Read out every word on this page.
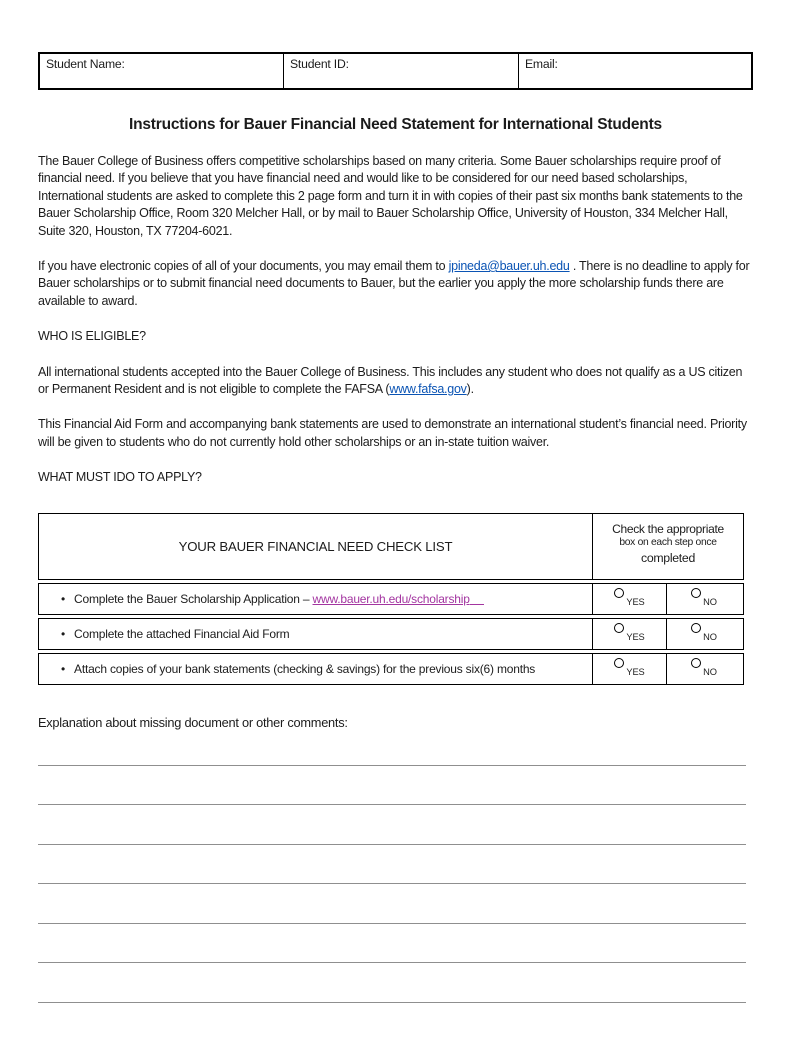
Student Name:	Student ID:	Email:
Instructions for Bauer Financial Need Statement for International Students

The Bauer College of Business offers competitive scholarships based on many criteria. Some Bauer scholarships require proof of financial need. If you believe that you have financial need and would like to be considered for our need based scholarships, International students are asked to complete this 2 page form and turn it in with copies of their past six months bank statements to the Bauer Scholarship Office, Room 320 Melcher Hall, or by mail to Bauer Scholarship Office, University of Houston, 334 Melcher Hall, Suite 320, Houston, TX 77204-6021.

If you have electronic copies of all of your documents, you may email them to jpineda@bauer.uh.edu . There is no deadline to apply for Bauer scholarships or to submit financial need documents to Bauer, but the earlier you apply the more scholarship funds there are available to award.

WHO IS ELIGIBLE?

All international students accepted into the Bauer College of Business. This includes any student who does not qualify as a US citizen or Permanent Resident and is not eligible to complete the FAFSA (www.fafsa.gov).

This Financial Aid Form and accompanying bank statements are used to demonstrate an international student’s financial need. Priority will be given to students who do not currently hold other scholarships or an in-state tuition waiver.

WHAT MUST IDO TO APPLY?

YOUR BAUER FINANCIAL NEED CHECK LIST
Check the appropriate
box on each step once
completed
• Complete the Bauer Scholarship Application –
www.bauer.uh.edu/scholarship	YES	NO
• Complete the attached Financial Aid Form	YES	NO
• Attach copies of your bank statements (checking & savings) for the previous six(6) months	YES	NO
Explanation about missing document or other comments:
